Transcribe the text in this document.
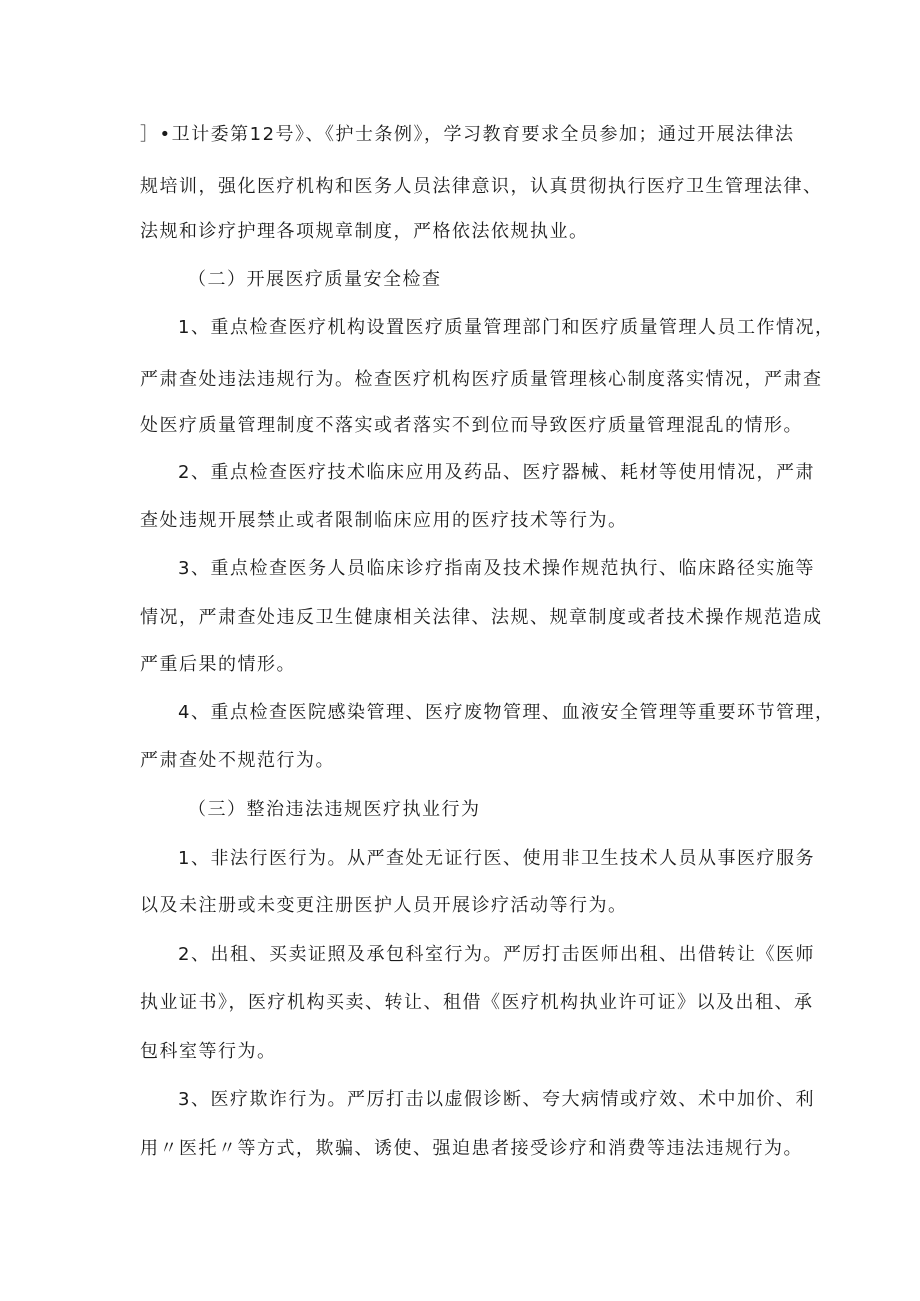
］•卫计委第12号》、《护士条例》，学习教育要求全员参加；通过开展法律法
规培训，强化医疗机构和医务人员法律意识，认真贯彻执行医疗卫生管理法律、
法规和诊疗护理各项规章制度，严格依法依规执业。
（二）开展医疗质量安全检查
1、重点检查医疗机构设置医疗质量管理部门和医疗质量管理人员工作情况，
严肃查处违法违规行为。检查医疗机构医疗质量管理核心制度落实情况，严肃查
处医疗质量管理制度不落实或者落实不到位而导致医疗质量管理混乱的情形。
2、重点检查医疗技术临床应用及药品、医疗器械、耗材等使用情况，严肃
查处违规开展禁止或者限制临床应用的医疗技术等行为。
3、重点检查医务人员临床诊疗指南及技术操作规范执行、临床路径实施等
情况，严肃查处违反卫生健康相关法律、法规、规章制度或者技术操作规范造成
严重后果的情形。
4、重点检查医院感染管理、医疗废物管理、血液安全管理等重要环节管理，
严肃查处不规范行为。
（三）整治违法违规医疗执业行为
1、非法行医行为。从严查处无证行医、使用非卫生技术人员从事医疗服务
以及未注册或未变更注册医护人员开展诊疗活动等行为。
2、出租、买卖证照及承包科室行为。严厉打击医师出租、出借转让《医师
执业证书》，医疗机构买卖、转让、租借《医疗机构执业许可证》以及出租、承
包科室等行为。
3、医疗欺诈行为。严厉打击以虚假诊断、夸大病情或疗效、术中加价、利
用〃医托〃等方式，欺骗、诱使、强迫患者接受诊疗和消费等违法违规行为。
